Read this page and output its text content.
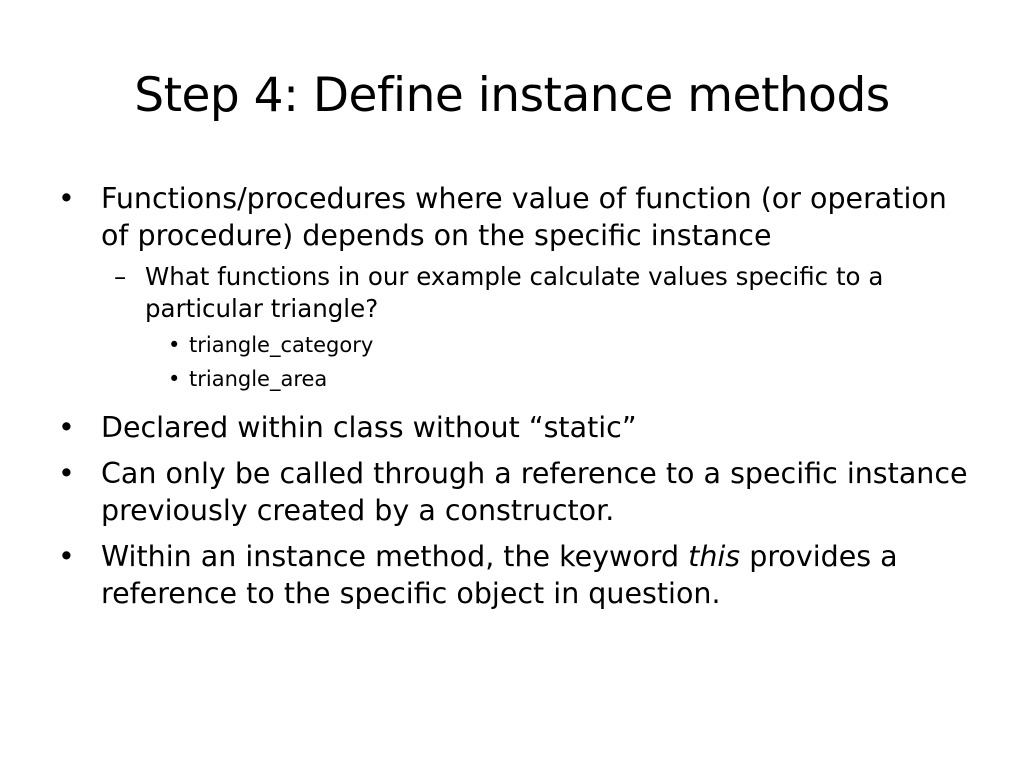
Step 4: Define instance methods
• Functions/procedures where value of function (or operation of procedure) depends on the specific instance
– What functions in our example calculate values specific to a particular triangle?
• triangle_category
• triangle_area
• Declared within class without “static”
• Can only be called through a reference to a specific instance previously created by a constructor.
• Within an instance method, the keyword this provides a reference to the specific object in question.
